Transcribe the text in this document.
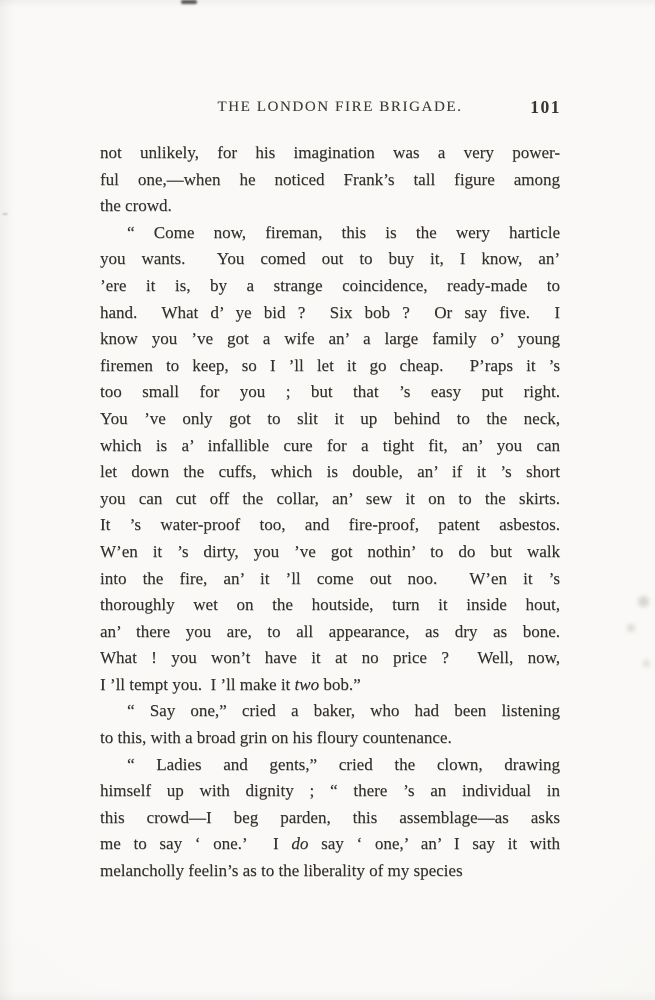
THE LONDON FIRE BRIGADE.	101
not unlikely, for his imagination was a very power-
ful one,—when he noticed Frank’s tall figure among
the crowd.
“ Come now, fireman, this is the wery harticle
you wants.  You comed out to buy it, I know, an’
’ere it is, by a strange coincidence, ready-made to
hand.  What d’ ye bid ?  Six bob ?  Or say five.  I
know you ’ve got a wife an’ a large family o’ young
firemen to keep, so I ’ll let it go cheap.  P’raps it ’s
too small for you ; but that ’s easy put right.
You ’ve only got to slit it up behind to the neck,
which is a’ infallible cure for a tight fit, an’ you can
let down the cuffs, which is double, an’ if it ’s short
you can cut off the collar, an’ sew it on to the skirts.
It ’s water-proof too, and fire-proof, patent asbestos.
W’en it ’s dirty, you ’ve got nothin’ to do but walk
into the fire, an’ it ’ll come out noo.  W’en it ’s
thoroughly wet on the houtside, turn it inside hout,
an’ there you are, to all appearance, as dry as bone.
What ! you won’t have it at no price ?  Well, now,
I ’ll tempt you.  I ’ll make it two bob.”
“ Say one,” cried a baker, who had been listening
to this, with a broad grin on his floury countenance.
“ Ladies and gents,” cried the clown, drawing
himself up with dignity ; “ there ’s an individual in
this crowd—I beg parden, this assemblage—as asks
me to say ‘ one.’  I do say ‘ one,’ an’ I say it with
melancholly feelin’s as to the liberality of my species
